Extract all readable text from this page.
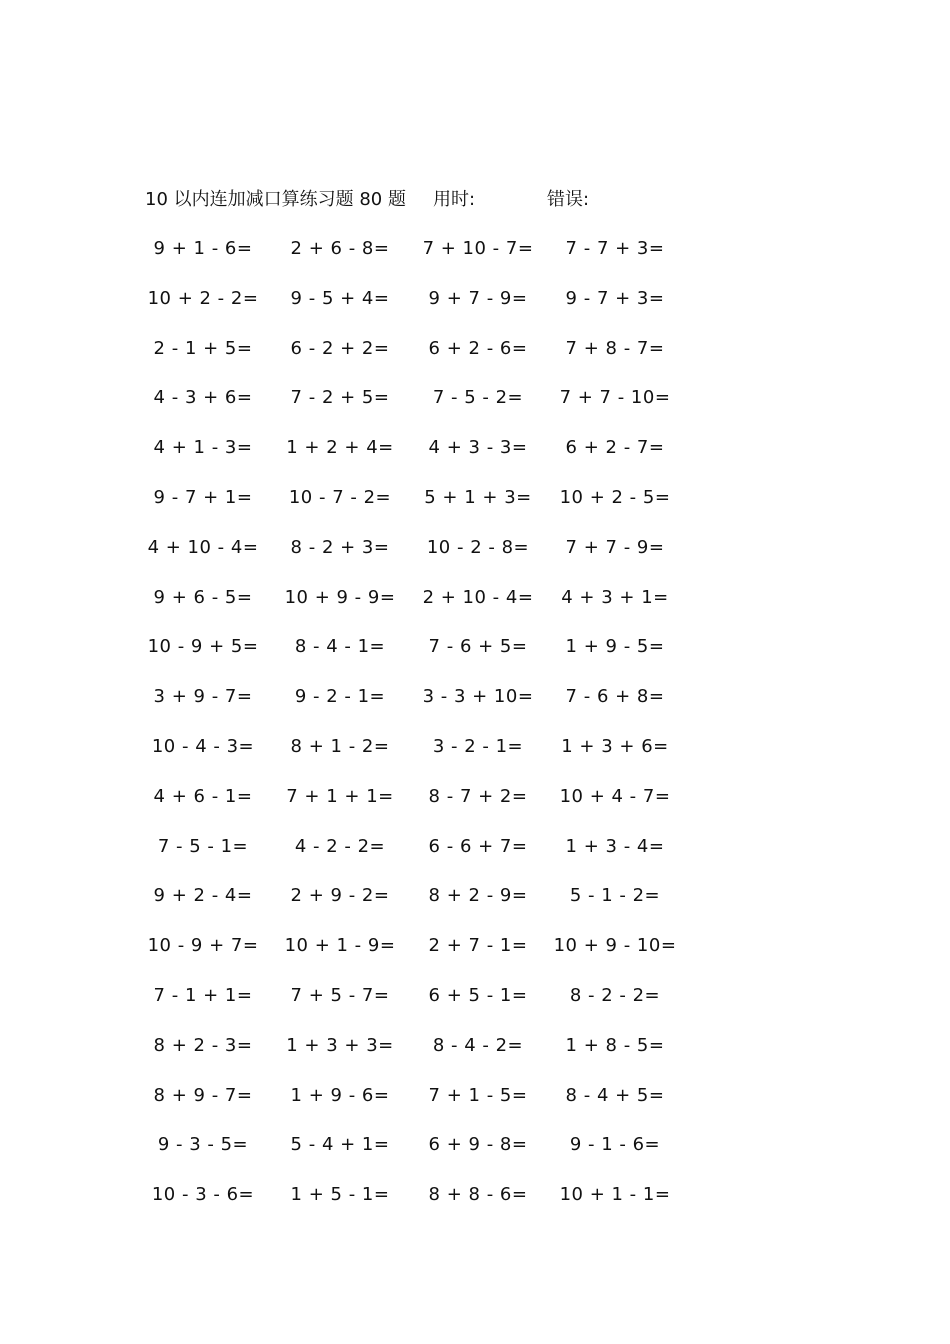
10 以内连加减口算练习题 80 题 用时:	错误:
9 + 1 - 6= 2 + 6 - 8= 7 + 10 - 7= 7 - 7 + 3=
10 + 2 - 2= 9 - 5 + 4= 9 + 7 - 9= 9 - 7 + 3=
2 - 1 + 5= 6 - 2 + 2= 6 + 2 - 6= 7 + 8 - 7=
4 - 3 + 6= 7 - 2 + 5= 7 - 5 - 2= 7 + 7 - 10=
4 + 1 - 3= 1 + 2 + 4= 4 + 3 - 3= 6 + 2 - 7=
9 - 7 + 1= 10 - 7 - 2= 5 + 1 + 3= 10 + 2 - 5=
4 + 10 - 4= 8 - 2 + 3= 10 - 2 - 8= 7 + 7 - 9=
9 + 6 - 5= 10 + 9 - 9= 2 + 10 - 4= 4 + 3 + 1=
10 - 9 + 5= 8 - 4 - 1= 7 - 6 + 5= 1 + 9 - 5=
3 + 9 - 7= 9 - 2 - 1= 3 - 3 + 10= 7 - 6 + 8=
10 - 4 - 3= 8 + 1 - 2= 3 - 2 - 1= 1 + 3 + 6=
4 + 6 - 1= 7 + 1 + 1= 8 - 7 + 2= 10 + 4 - 7=
7 - 5 - 1=	4 - 2 - 2= 6 - 6 + 7= 1 + 3 - 4=
9 + 2 - 4= 2 + 9 - 2= 8 + 2 - 9= 5 - 1 - 2=
10 - 9 + 7= 10 + 1 - 9= 2 + 7 - 1= 10 + 9 - 10=
7 - 1 + 1= 7 + 5 - 7= 6 + 5 - 1= 8 - 2 - 2=
8 + 2 - 3= 1 + 3 + 3= 8 - 4 - 2= 1 + 8 - 5=
8 + 9 - 7= 1 + 9 - 6= 7 + 1 - 5= 8 - 4 + 5=
9 - 3 - 5= 5 - 4 + 1= 6 + 9 - 8= 9 - 1 - 6=
10 - 3 - 6= 1 + 5 - 1= 8 + 8 - 6= 10 + 1 - 1=
